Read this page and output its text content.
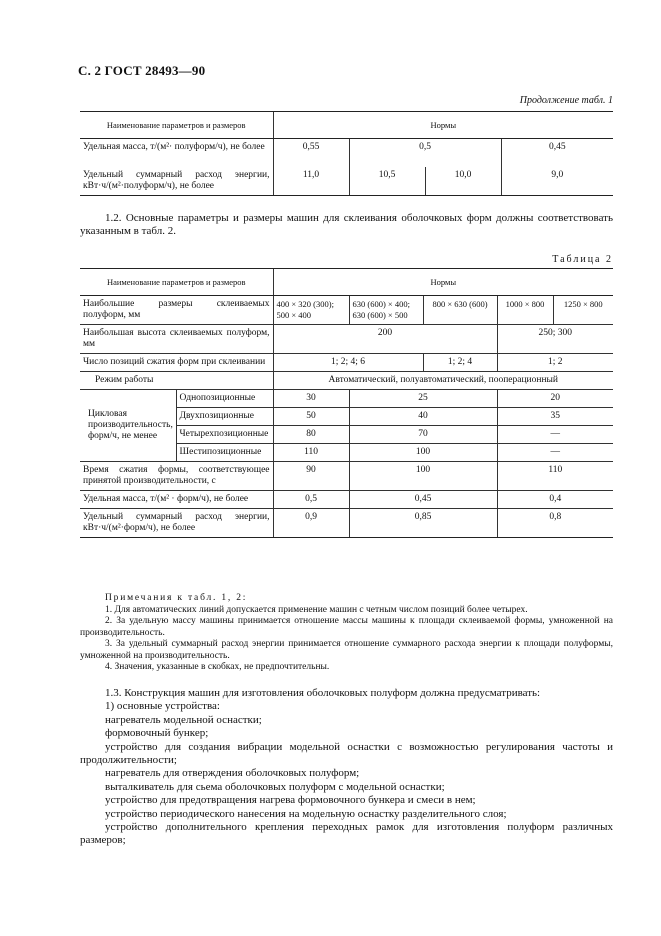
С. 2 ГОСТ 28493—90
Продолжение табл. 1
Наименование параметров и размеров	Нормы			
Удельная масса, т/(м²· полуформ/ч), не более	0,55	0,5		0,45
Удельный суммарный расход энергии, кВт·ч/(м²·полуформ/ч), не более	11,0	10,5	10,0	9,0

1.2. Основные параметры и размеры машин для склеивания оболочковых форм должны соответствовать указанным в табл. 2.

Таблица 2
Наименование параметров и размеров		Нормы				
Наибольшие размеры склеиваемых полуформ, мм		400 × 320 (300); 500 × 400	630 (600) × 400; 630 (600) × 500	800 × 630 (600)	1000 × 800	1250 × 800
Наибольшая высота склеиваемых полуформ, мм		200			250; 300	
Число позиций сжатия форм при склеивании		1; 2; 4; 6		1; 2; 4	1; 2	
Режим работы		Автоматический, полуавтоматический, пооперационный				
Цикловая производительность, форм/ч, не менее	Однопозиционные	30	25		20	
	Двухпозиционные	50	40		35	
	Четырехпозиционные	80	70		—	
	Шестипозиционные	110	100		—	
Время сжатия формы, соответствующее принятой производительности, с		90	100		110	
Удельная масса, т/(м² · форм/ч), не более		0,5	0,45		0,4	
Удельный суммарный расход энергии, кВт·ч/(м²·форм/ч), не более		0,9	0,85		0,8	

Примечания к табл. 1, 2:

1. Для автоматических линий допускается применение машин с четным числом позиций более четырех.

2. За удельную массу машины принимается отношение массы машины к площади склеиваемой формы, умноженной на производительность.

3. За удельный суммарный расход энергии принимается отношение суммарного расхода энергии к площади полуформы, умноженной на производительность.

4. Значения, указанные в скобках, не предпочтительны.

1.3. Конструкция машин для изготовления оболочковых полуформ должна предусматривать:

1) основные устройства:

нагреватель модельной оснастки;

формовочный бункер;

устройство для создания вибрации модельной оснастки с возможностью регулирования частоты и продолжительности;

нагреватель для отверждения оболочковых полуформ;

выталкиватель для сьема оболочковых полуформ с модельной оснастки;

устройство для предотвращения нагрева формовочного бункера и смеси в нем;

устройство периодического нанесения на модельную оснастку разделительного слоя;

устройство дополнительного крепления переходных рамок для изготовления полуформ различных размеров;
